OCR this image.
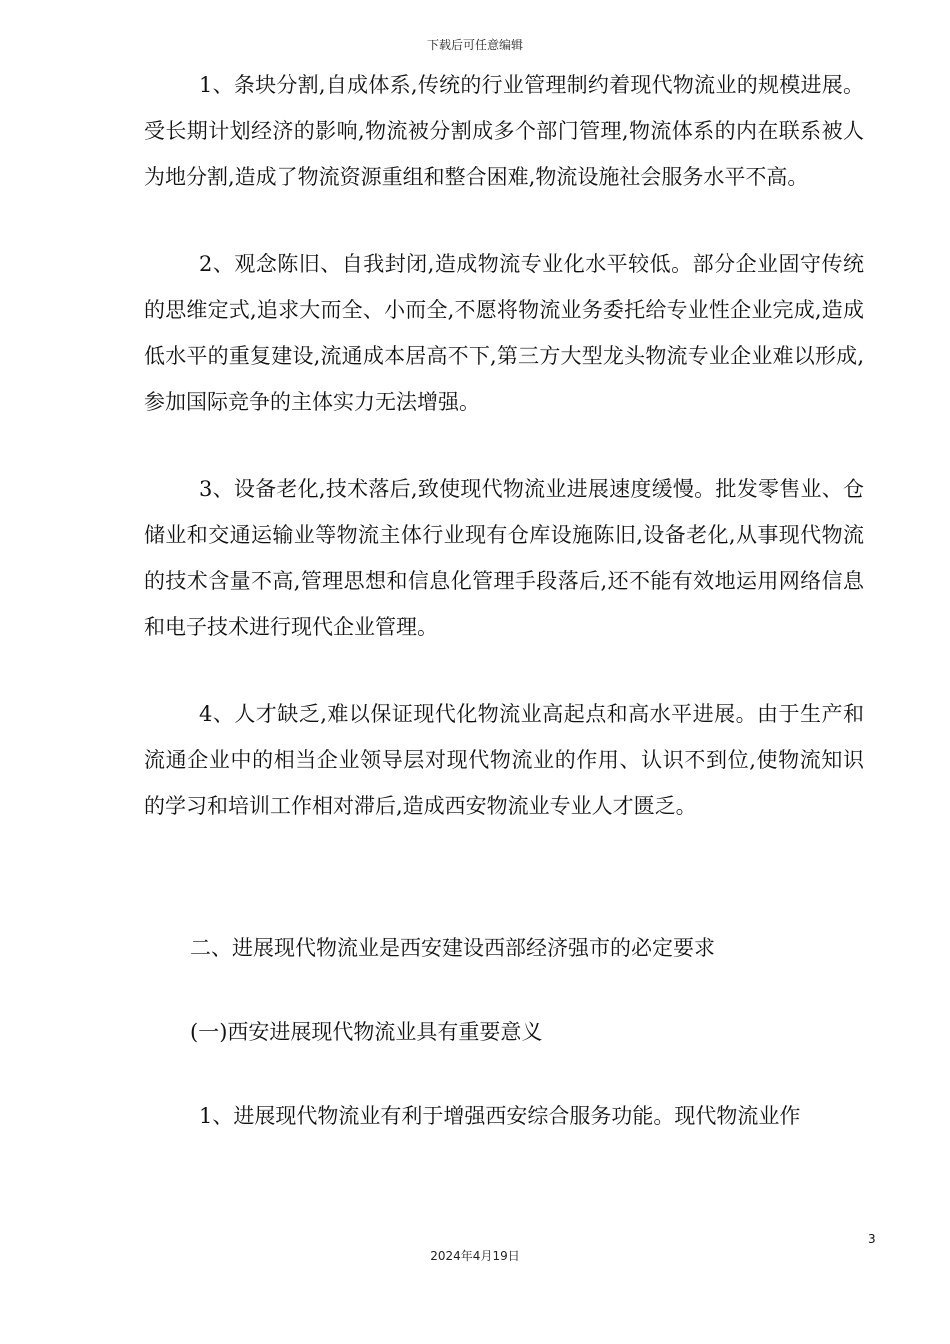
下载后可任意编辑

1、条块分割,自成体系,传统的行业管理制约着现代物流业的规模进展。受长期计划经济的影响,物流被分割成多个部门管理,物流体系的内在联系被人为地分割,造成了物流资源重组和整合困难,物流设施社会服务水平不高。

2、观念陈旧、自我封闭,造成物流专业化水平较低。部分企业固守传统的思维定式,追求大而全、小而全,不愿将物流业务委托给专业性企业完成,造成低水平的重复建设,流通成本居高不下,第三方大型龙头物流专业企业难以形成,参加国际竞争的主体实力无法增强。

3、设备老化,技术落后,致使现代物流业进展速度缓慢。批发零售业、仓储业和交通运输业等物流主体行业现有仓库设施陈旧,设备老化,从事现代物流的技术含量不高,管理思想和信息化管理手段落后,还不能有效地运用网络信息和电子技术进行现代企业管理。

4、人才缺乏,难以保证现代化物流业高起点和高水平进展。由于生产和流通企业中的相当企业领导层对现代物流业的作用、认识不到位,使物流知识的学习和培训工作相对滞后,造成西安物流业专业人才匮乏。

二、进展现代物流业是西安建设西部经济强市的必定要求

(一)西安进展现代物流业具有重要意义

1、进展现代物流业有利于增强西安综合服务功能。现代物流业作

3
2024年4月19日
